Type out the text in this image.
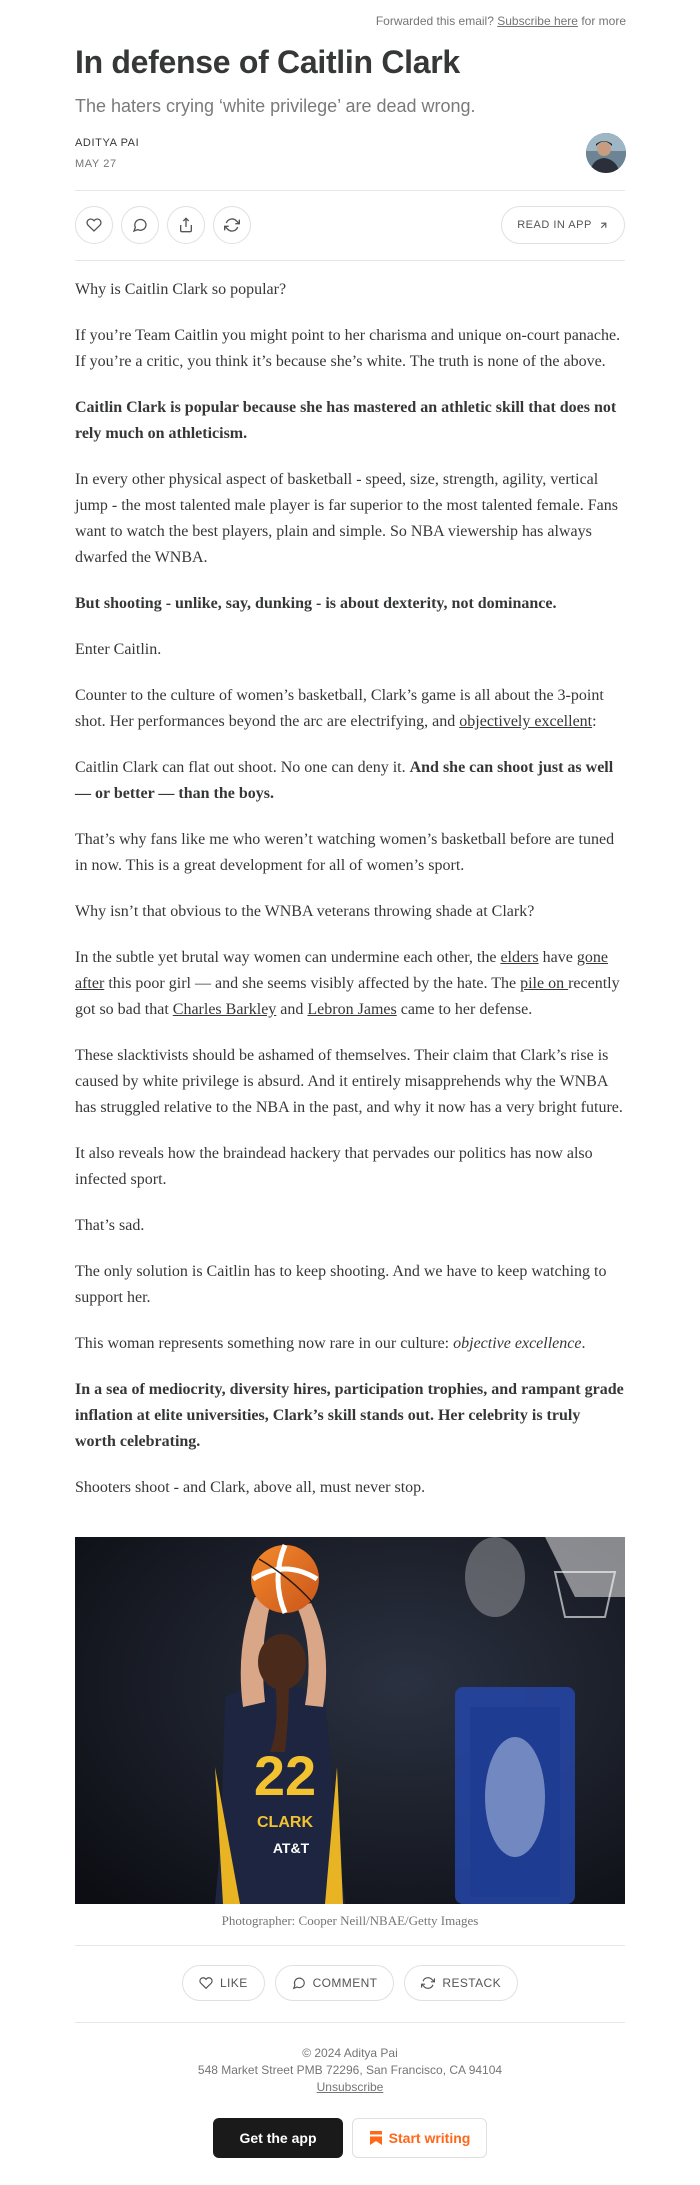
Forwarded this email? Subscribe here for more
In defense of Caitlin Clark
The haters crying ‘white privilege’ are dead wrong.
ADITYA PAI
MAY 27
READ IN APP

Why is Caitlin Clark so popular?

If you’re Team Caitlin you might point to her charisma and unique on-court panache. If you’re a critic, you think it’s because she’s white. The truth is none of the above.

Caitlin Clark is popular because she has mastered an athletic skill that does not rely much on athleticism.

In every other physical aspect of basketball - speed, size, strength, agility, vertical jump - the most talented male player is far superior to the most talented female. Fans want to watch the best players, plain and simple. So NBA viewership has always dwarfed the WNBA.

But shooting - unlike, say, dunking - is about dexterity, not dominance.

Enter Caitlin.

Counter to the culture of women’s basketball, Clark’s game is all about the 3-point shot. Her performances beyond the arc are electrifying, and objectively excellent:

Caitlin Clark can flat out shoot. No one can deny it. And she can shoot just as well — or better — than the boys.

That’s why fans like me who weren’t watching women’s basketball before are tuned in now. This is a great development for all of women’s sport.

Why isn’t that obvious to the WNBA veterans throwing shade at Clark?

In the subtle yet brutal way women can undermine each other, the elders have gone after this poor girl — and she seems visibly affected by the hate. The pile on recently got so bad that Charles Barkley and Lebron James came to her defense.

These slacktivists should be ashamed of themselves. Their claim that Clark’s rise is caused by white privilege is absurd. And it entirely misapprehends why the WNBA has struggled relative to the NBA in the past, and why it now has a very bright future.

It also reveals how the braindead hackery that pervades our politics has now also infected sport.

That’s sad.

The only solution is Caitlin has to keep shooting. And we have to keep watching to support her.

This woman represents something now rare in our culture: objective excellence.

In a sea of mediocrity, diversity hires, participation trophies, and rampant grade inflation at elite universities, Clark’s skill stands out. Her celebrity is truly worth celebrating.

Shooters shoot - and Clark, above all, must never stop.

22
CLARK
AT&T
Photographer: Cooper Neill/NBAE/Getty Images
LIKE	COMMENT	RESTACK
© 2024 Aditya Pai
548 Market Street PMB 72296, San Francisco, CA 94104
Unsubscribe
Get the app	Start writing
